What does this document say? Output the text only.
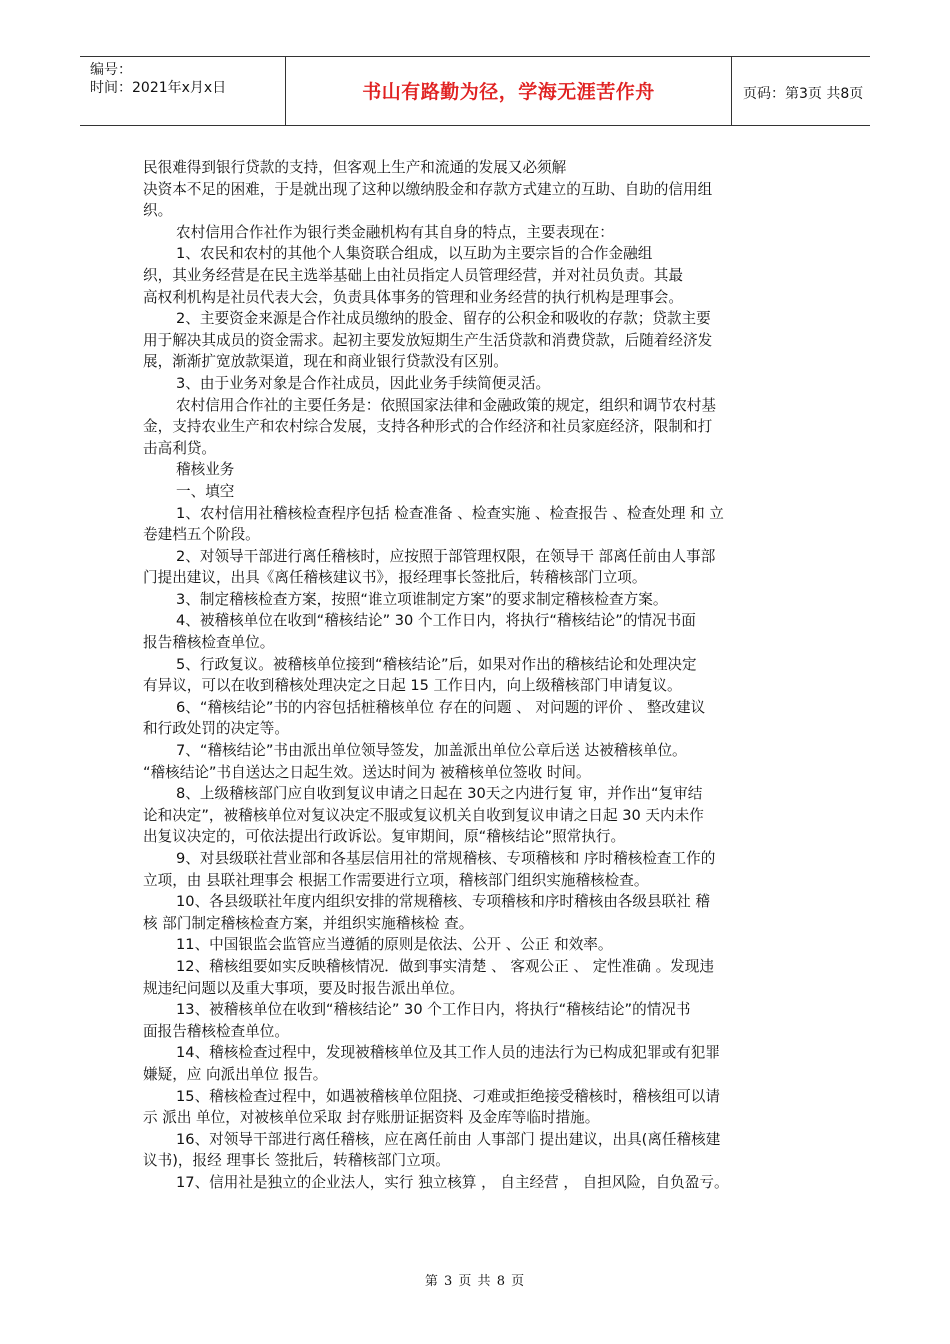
编号：
时间：2021年x月x日	书山有路勤为径，学海无涯苦作舟	页码：第3页 共8页

民很难得到银行贷款的支持，但客观上生产和流通的发展又必须解

决资本不足的困难，于是就出现了这种以缴纳股金和存款方式建立的互助、自助的信用组

织。

农村信用合作社作为银行类金融机构有其自身的特点，主要表现在：

1、农民和农村的其他个人集资联合组成，以互助为主要宗旨的合作金融组

织，其业务经营是在民主选举基础上由社员指定人员管理经营，并对社员负责。其最

高权利机构是社员代表大会，负责具体事务的管理和业务经营的执行机构是理事会。

2、主要资金来源是合作社成员缴纳的股金、留存的公积金和吸收的存款；贷款主要

用于解决其成员的资金需求。起初主要发放短期生产生活贷款和消费贷款，后随着经济发

展，渐渐扩宽放款渠道，现在和商业银行贷款没有区别。

3、由于业务对象是合作社成员，因此业务手续简便灵活。

农村信用合作社的主要任务是：依照国家法律和金融政策的规定，组织和调节农村基

金，支持农业生产和农村综合发展，支持各种形式的合作经济和社员家庭经济，限制和打

击高利贷。

稽核业务

一、填空

1、农村信用社稽核检查程序包括 检查准备 、检查实施 、检查报告 、检查处理 和 立

卷建档五个阶段。

2、对领导干部进行离任稽核时，应按照于部管理权限，在领导干 部离任前由人事部

门提出建议，出具《离任稽核建议书》，报经理事长签批后，转稽核部门立项。

3、制定稽核检查方案，按照“谁立项谁制定方案”的要求制定稽核检查方案。

4、被稽核单位在收到“稽核结论” 30 个工作日内，将执行“稽核结论”的情况书面

报告稽核检查单位。

5、行政复议。被稽核单位接到“稽核结论”后，如果对作出的稽核结论和处理决定

有异议，可以在收到稽核处理决定之日起 15 工作日内，向上级稽核部门申请复议。

6、“稽核结论”书的内容包括桩稽核单位 存在的问题 、 对问题的评价 、 整改建议

和行政处罚的决定等。

7、“稽核结论”书由派出单位领导签发，加盖派出单位公章后送 达被稽核单位。

“稽核结论”书自送达之日起生效。送达时间为 被稽核单位签收 时间。

8、上级稽核部门应自收到复议申请之日起在 30天之内进行复 审，并作出“复审结

论和决定”，被稽核单位对复议决定不服或复议机关自收到复议申请之日起 30 天内未作

出复议决定的，可依法提出行政诉讼。复审期间，原“稽核结论”照常执行。

9、对县级联社营业部和各基层信用社的常规稽核、专项稽核和 序时稽核检查工作的

立项，由 县联社理事会 根据工作需要进行立项，稽核部门组织实施稽核检查。

10、各县级联社年度内组织安排的常规稽核、专项稽核和序时稽核由各级县联社 稽

核 部门制定稽核检查方案，并组织实施稽核检 查。

11、中国银监会监管应当遵循的原则是依法、公开 、公正 和效率。

12、稽核组要如实反映稽核情况．做到事实清楚 、 客观公正 、 定性准确 。发现违

规违纪问题以及重大事项，要及时报告派出单位。

13、被稽核单位在收到“稽核结论” 30 个工作日内，将执行“稽核结论”的情况书

面报告稽核检查单位。

14、稽核检查过程中，发现被稽核单位及其工作人员的违法行为已构成犯罪或有犯罪

嫌疑，应 向派出单位 报告。

15、稽核检查过程中，如遇被稽核单位阻挠、刁难或拒绝接受稽核时，稽核组可以请

示 派出 单位，对被核单位采取 封存账册证据资料 及金库等临时措施。

16、对领导干部进行离任稽核，应在离任前由 人事部门 提出建议，出具(离任稽核建

议书)，报经 理事长 签批后，转稽核部门立项。

17、信用社是独立的企业法人，实行 独立核算 ， 自主经营 ， 自担风险，自负盈亏。

第 3 页 共 8 页
